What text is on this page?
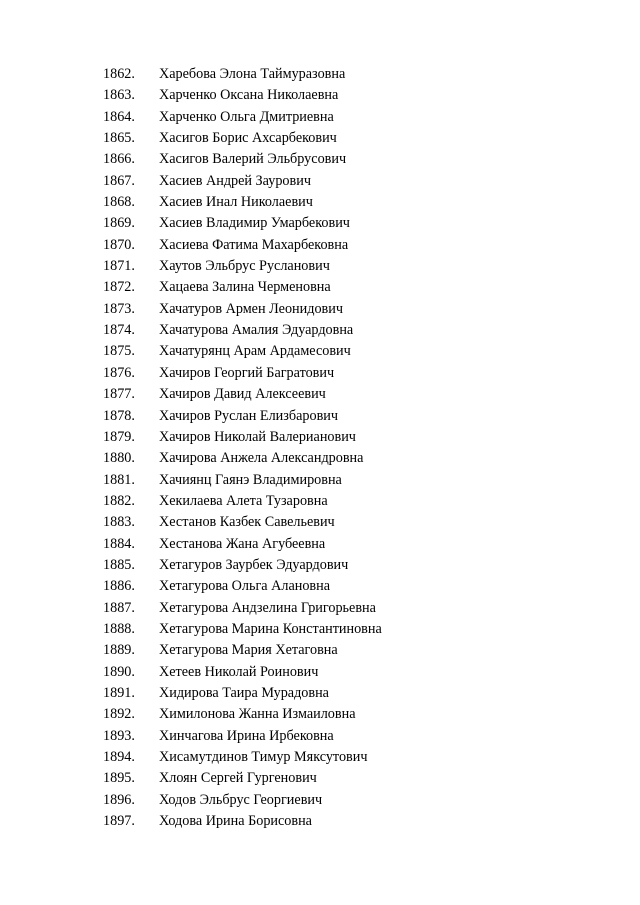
1862.	Харебова Элона Таймуразовна
1863.	Харченко Оксана Николаевна
1864.	Харченко Ольга Дмитриевна
1865.	Хасигов Борис Ахсарбекович
1866.	Хасигов Валерий Эльбрусович
1867.	Хасиев Андрей Заурович
1868.	Хасиев Инал Николаевич
1869.	Хасиев Владимир Умарбекович
1870.	Хасиева Фатима Махарбековна
1871.	Хаутов Эльбрус Русланович
1872.	Хацаева Залина Черменовна
1873.	Хачатуров Армен Леонидович
1874.	Хачатурова Амалия Эдуардовна
1875.	Хачатурянц Арам Ардамесович
1876.	Хачиров Георгий Багратович
1877.	Хачиров Давид Алексеевич
1878.	Хачиров Руслан Елизбарович
1879.	Хачиров Николай Валерианович
1880.	Хачирова Анжела Александровна
1881.	Хачиянц Гаянэ Владимировна
1882.	Хекилаева Алета Тузаровна
1883.	Хестанов Казбек Савельевич
1884.	Хестанова Жана Агубеевна
1885.	Хетагуров Заурбек Эдуардович
1886.	Хетагурова Ольга Алановна
1887.	Хетагурова Андзелина Григорьевна
1888.	Хетагурова Марина Константиновна
1889.	Хетагурова Мария Хетаговна
1890.	Хетеев Николай Роинович
1891.	Хидирова Таира Мурадовна
1892.	Химилонова Жанна Измаиловна
1893.	Хинчагова Ирина Ирбековна
1894.	Хисамутдинов Тимур Мяксутович
1895.	Хлоян Сергей Гургенович
1896.	Ходов Эльбрус Георгиевич
1897.	Ходова Ирина Борисовна
